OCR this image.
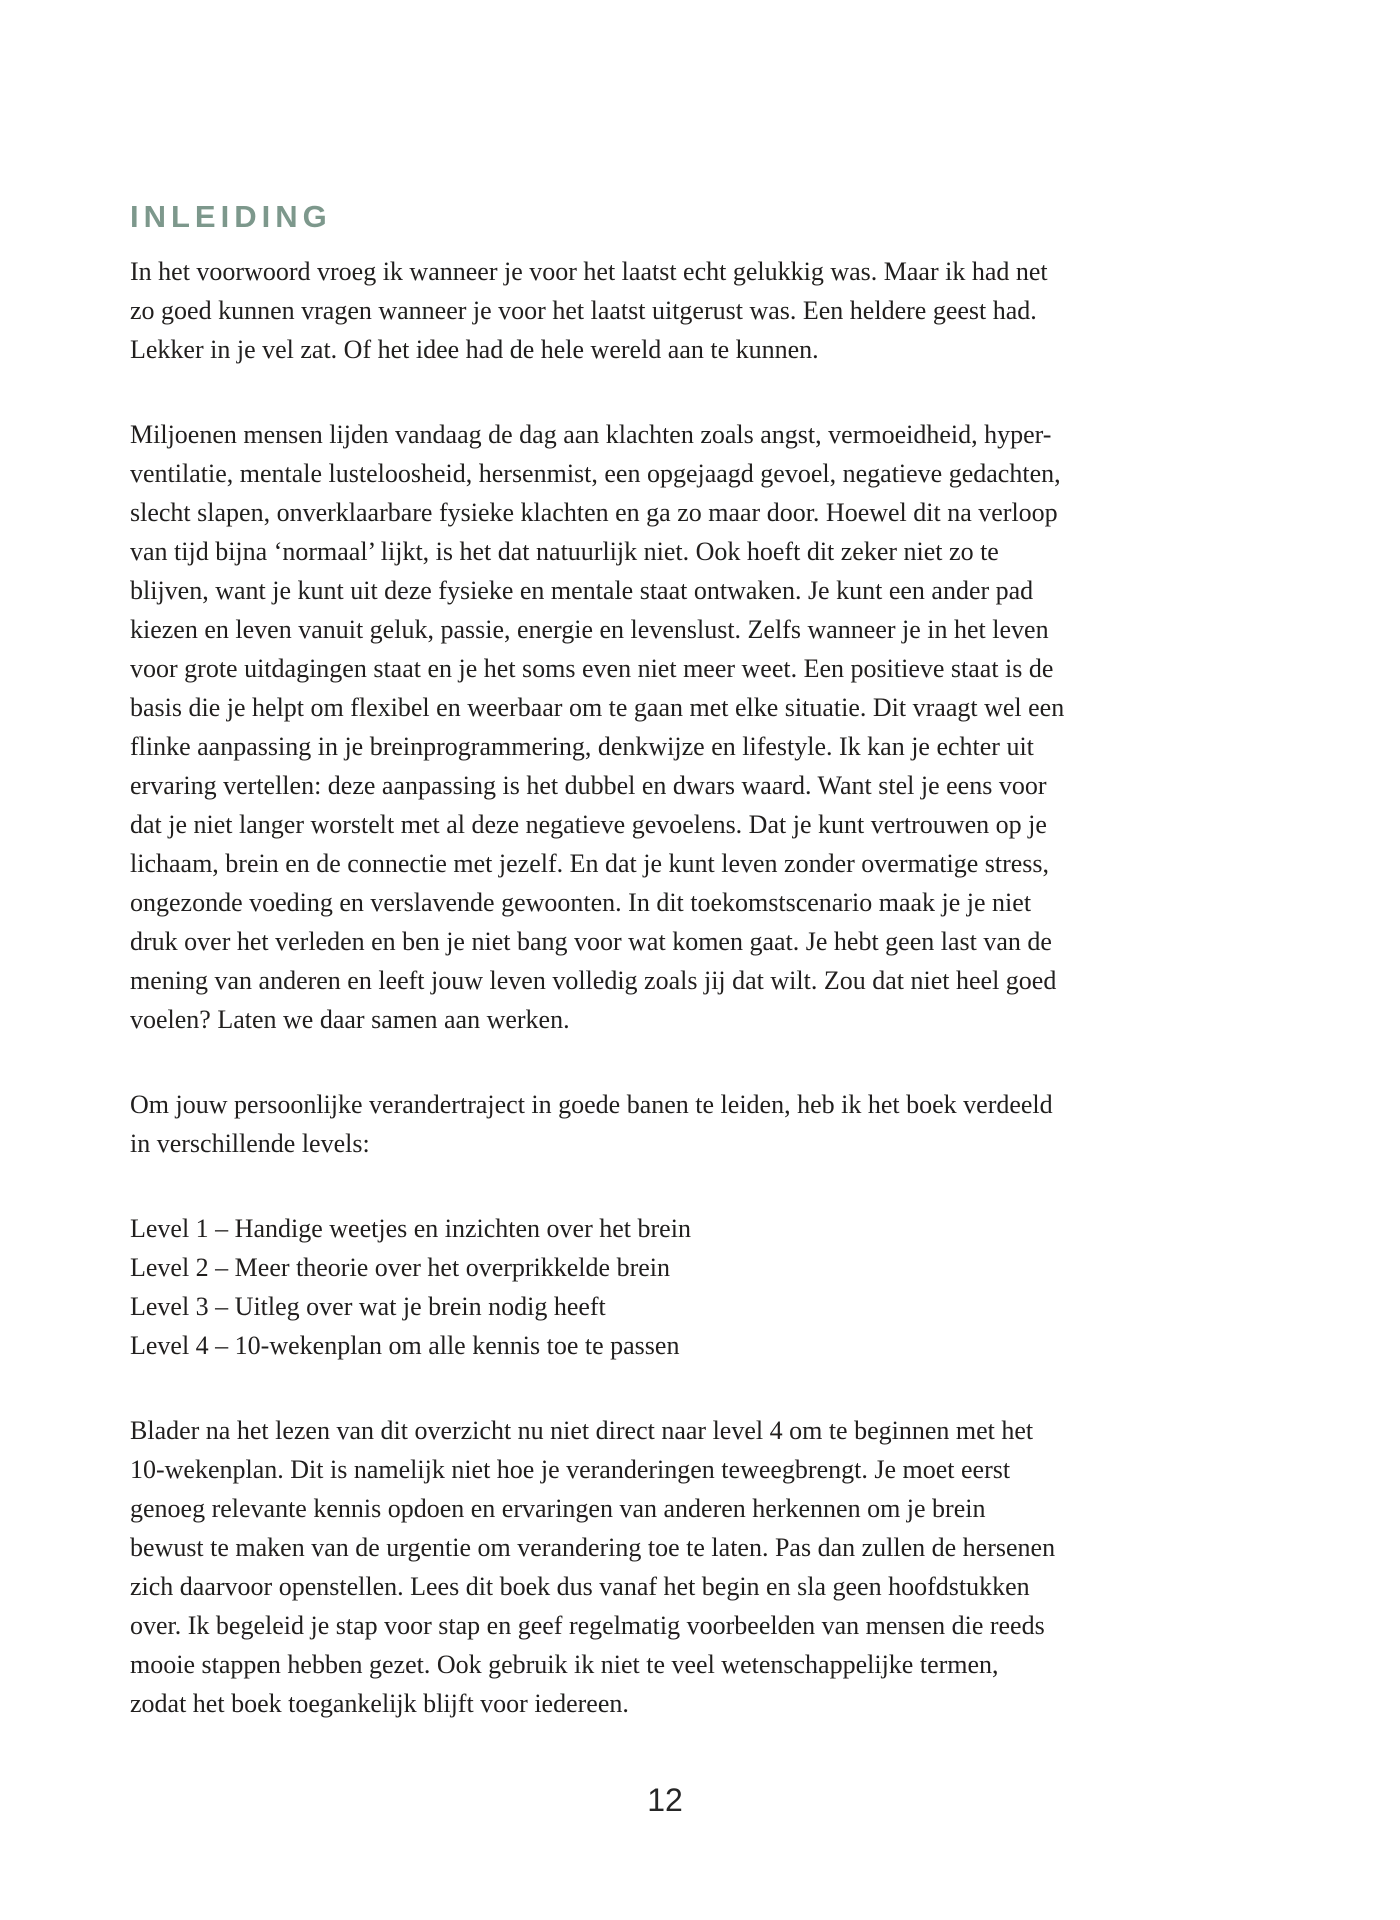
INLEIDING
In het voorwoord vroeg ik wanneer je voor het laatst echt gelukkig was. Maar ik had net
zo goed kunnen vragen wanneer je voor het laatst uitgerust was. Een heldere geest had.
Lekker in je vel zat. Of het idee had de hele wereld aan te kunnen.
Miljoenen mensen lijden vandaag de dag aan klachten zoals angst, vermoeidheid, hyper-
ventilatie, mentale lusteloosheid, hersenmist, een opgejaagd gevoel, negatieve gedachten,
slecht slapen, onverklaarbare fysieke klachten en ga zo maar door. Hoewel dit na verloop
van tijd bijna ‘normaal’ lijkt, is het dat natuurlijk niet. Ook hoeft dit zeker niet zo te
blijven, want je kunt uit deze fysieke en mentale staat ontwaken. Je kunt een ander pad
kiezen en leven vanuit geluk, passie, energie en levenslust. Zelfs wanneer je in het leven
voor grote uitdagingen staat en je het soms even niet meer weet. Een positieve staat is de
basis die je helpt om flexibel en weerbaar om te gaan met elke situatie. Dit vraagt wel een
flinke aanpassing in je breinprogrammering, denkwijze en lifestyle. Ik kan je echter uit
ervaring vertellen: deze aanpassing is het dubbel en dwars waard. Want stel je eens voor
dat je niet langer worstelt met al deze negatieve gevoelens. Dat je kunt vertrouwen op je
lichaam, brein en de connectie met jezelf. En dat je kunt leven zonder overmatige stress,
ongezonde voeding en verslavende gewoonten. In dit toekomstscenario maak je je niet
druk over het verleden en ben je niet bang voor wat komen gaat. Je hebt geen last van de
mening van anderen en leeft jouw leven volledig zoals jij dat wilt. Zou dat niet heel goed
voelen? Laten we daar samen aan werken.
Om jouw persoonlijke verandertraject in goede banen te leiden, heb ik het boek verdeeld
in verschillende levels:
Level 1 – Handige weetjes en inzichten over het brein
Level 2 – Meer theorie over het overprikkelde brein
Level 3 – Uitleg over wat je brein nodig heeft
Level 4 – 10-wekenplan om alle kennis toe te passen
Blader na het lezen van dit overzicht nu niet direct naar level 4 om te beginnen met het
10-wekenplan. Dit is namelijk niet hoe je veranderingen teweegbrengt. Je moet eerst
genoeg relevante kennis opdoen en ervaringen van anderen herkennen om je brein
bewust te maken van de urgentie om verandering toe te laten. Pas dan zullen de hersenen
zich daarvoor openstellen. Lees dit boek dus vanaf het begin en sla geen hoofdstukken
over. Ik begeleid je stap voor stap en geef regelmatig voorbeelden van mensen die reeds
mooie stappen hebben gezet. Ook gebruik ik niet te veel wetenschappelijke termen,
zodat het boek toegankelijk blijft voor iedereen.
12
